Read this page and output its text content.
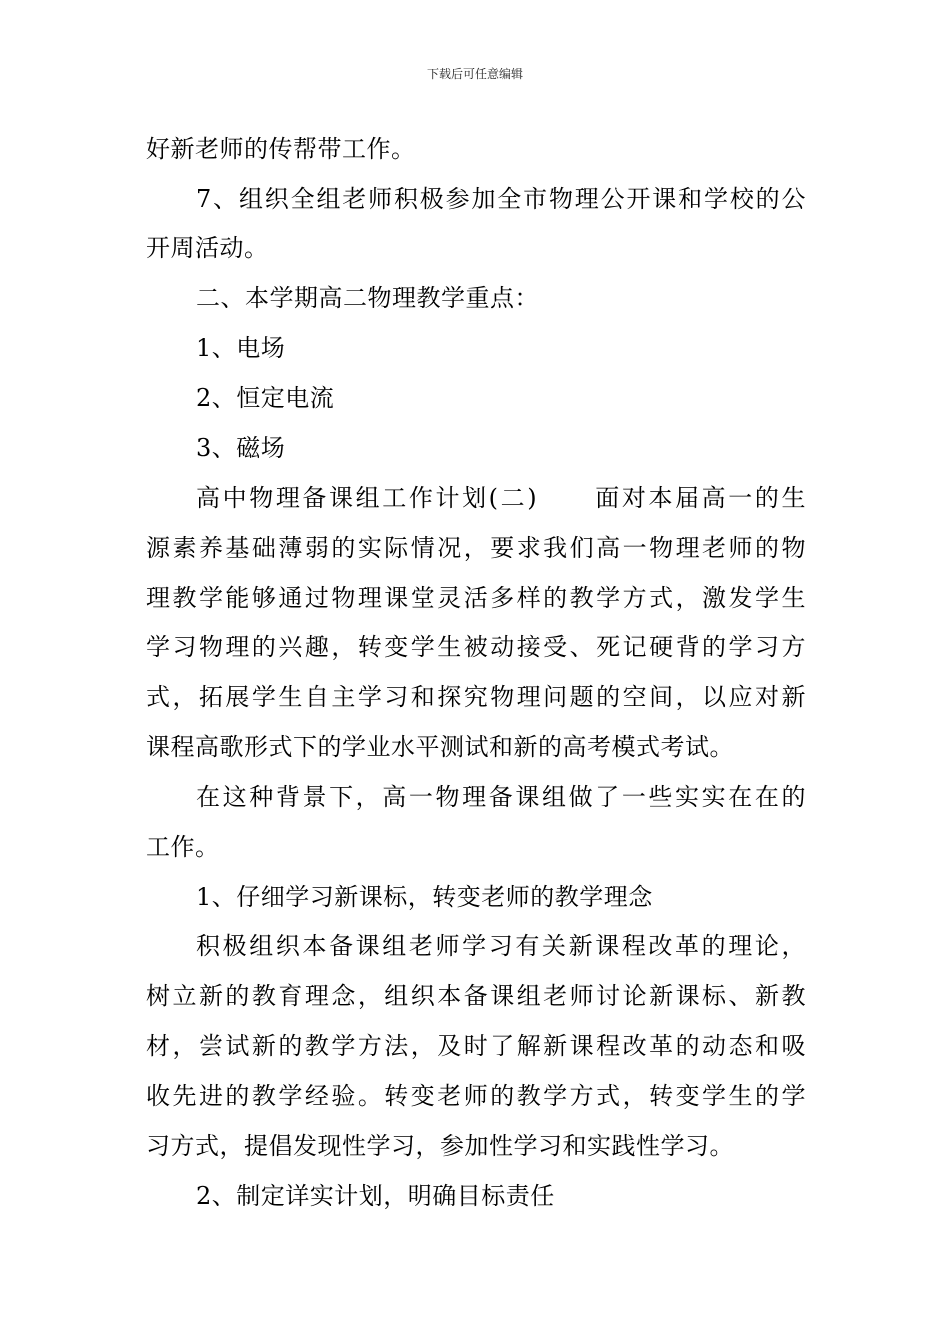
下载后可任意编辑
好新老师的传帮带工作。
7、组织全组老师积极参加全市物理公开课和学校的公
开周活动。
二、本学期高二物理教学重点：
1、电场
2、恒定电流
3、磁场
高中物理备课组工作计划(二) 面对本届高一的生
源素养基础薄弱的实际情况，要求我们高一物理老师的物
理教学能够通过物理课堂灵活多样的教学方式，激发学生
学习物理的兴趣，转变学生被动接受、死记硬背的学习方
式，拓展学生自主学习和探究物理问题的空间，以应对新
课程高歌形式下的学业水平测试和新的高考模式考试。
在这种背景下，高一物理备课组做了一些实实在在的
工作。
1、仔细学习新课标，转变老师的教学理念
积极组织本备课组老师学习有关新课程改革的理论，
树立新的教育理念，组织本备课组老师讨论新课标、新教
材，尝试新的教学方法，及时了解新课程改革的动态和吸
收先进的教学经验。转变老师的教学方式，转变学生的学
习方式，提倡发现性学习，参加性学习和实践性学习。
2、制定详实计划，明确目标责任
